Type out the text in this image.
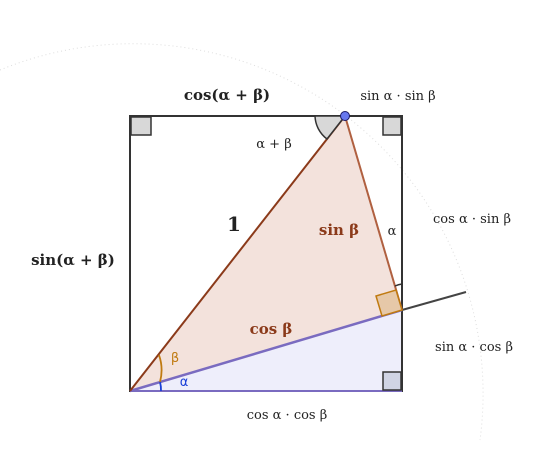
cos(α + β)	sin α · sin β
sin(α + β)
cos α · sin β
sin α · cos β
cos α · cos β
1	sin β
cos β
α + β
α
β
α
